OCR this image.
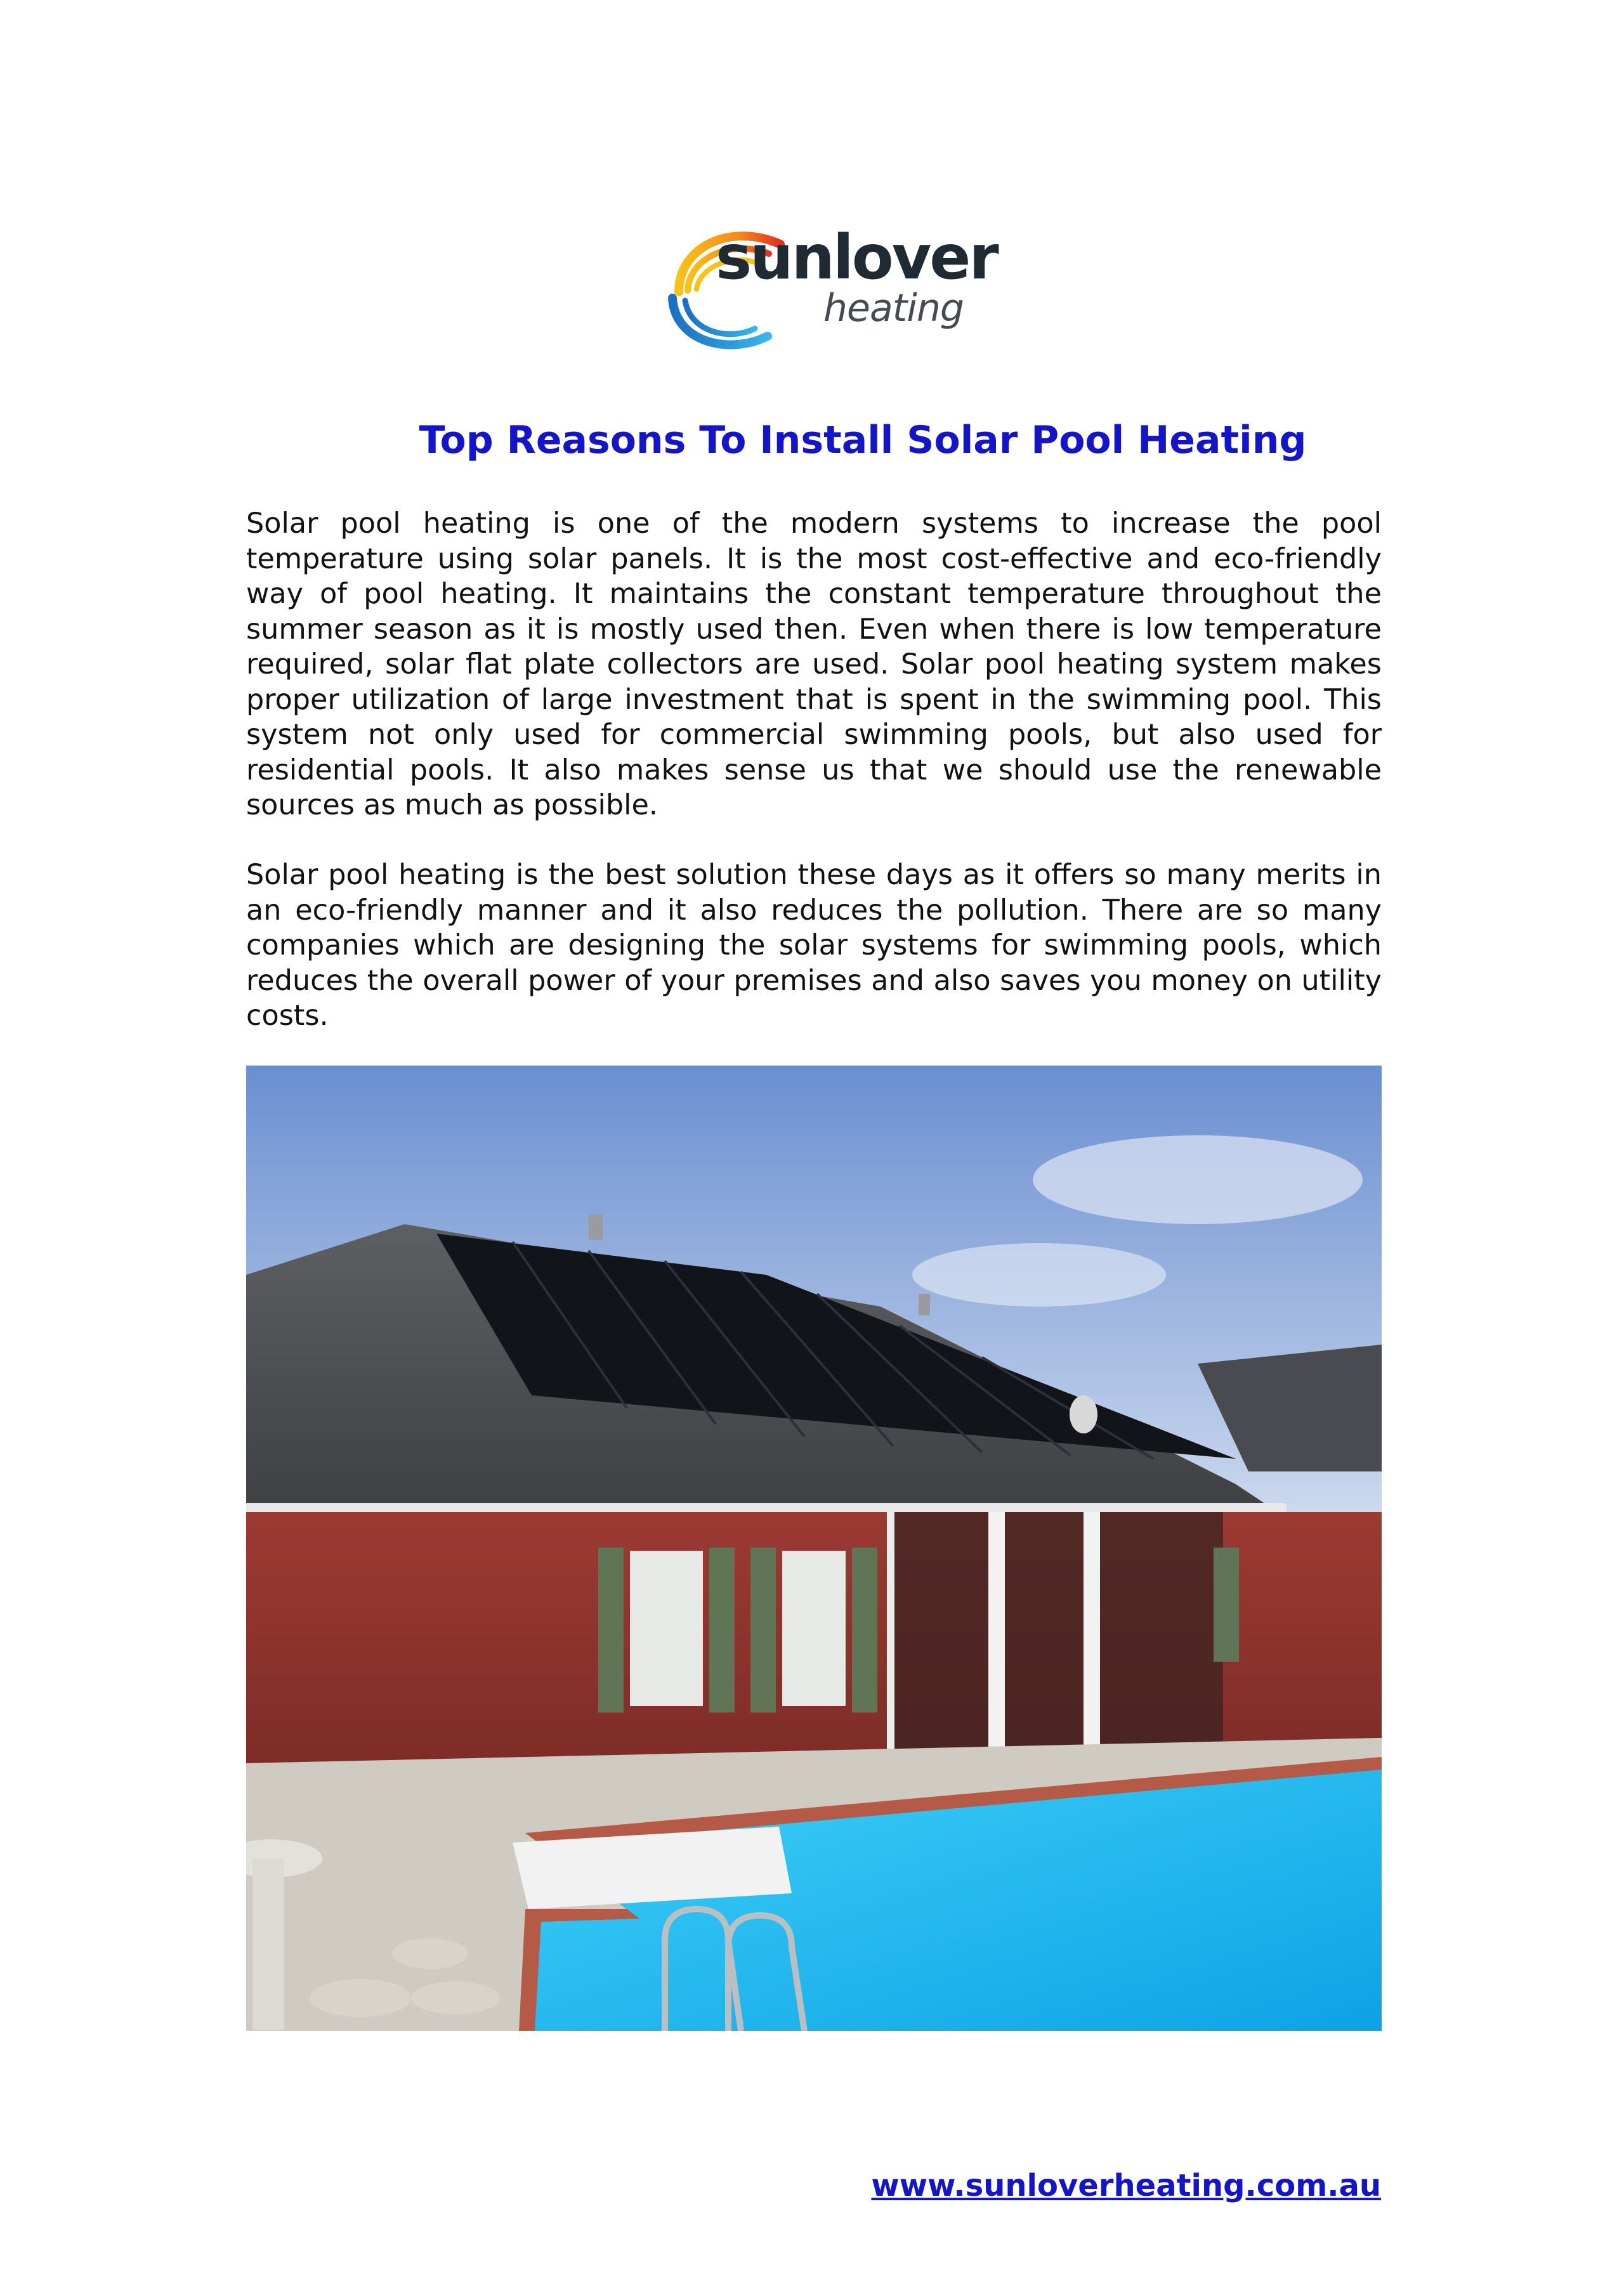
sunlover
heating
Top Reasons To Install Solar Pool Heating

Solar pool heating is one of the modern systems to increase the pool temperature using solar panels. It is the most cost-effective and eco-friendly way of pool heating. It maintains the constant temperature throughout the summer season as it is mostly used then. Even when there is low temperature required, solar flat plate collectors are used. Solar pool heating system makes proper utilization of large investment that is spent in the swimming pool. This system not only used for commercial swimming pools, but also used for residential pools. It also makes sense us that we should use the renewable sources as much as possible.

Solar pool heating is the best solution these days as it offers so many merits in an eco-friendly manner and it also reduces the pollution. There are so many companies which are designing the solar systems for swimming pools, which reduces the overall power of your premises and also saves you money on utility costs.

www.sunloverheating.com.au
